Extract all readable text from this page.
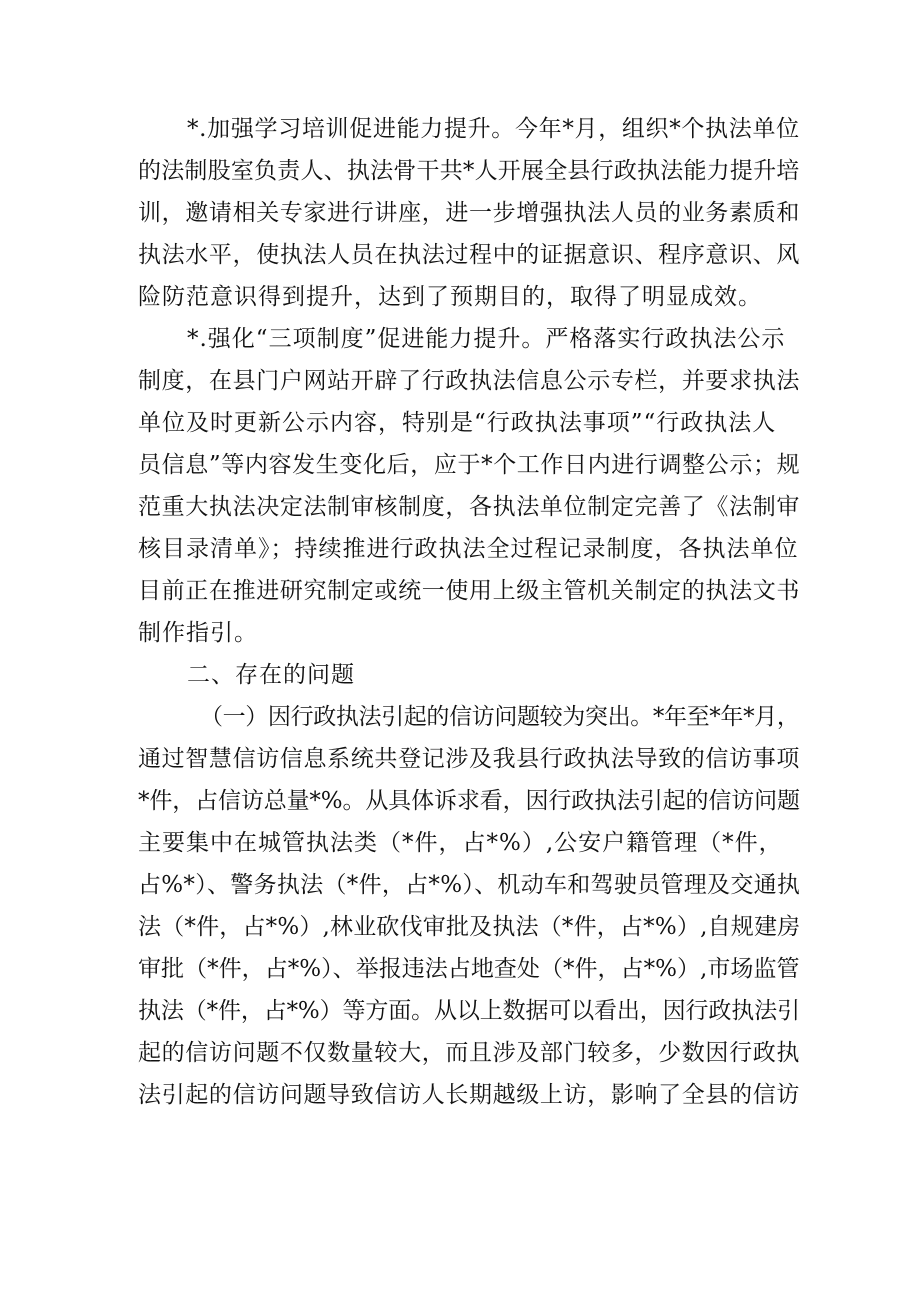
*.加强学习培训促进能力提升。今年*月，组织*个执法单位
的法制股室负责人、执法骨干共*人开展全县行政执法能力提升培
训，邀请相关专家进行讲座，进一步增强执法人员的业务素质和
执法水平，使执法人员在执法过程中的证据意识、程序意识、风
险防范意识得到提升，达到了预期目的，取得了明显成效。
*.强化“三项制度”促进能力提升。严格落实行政执法公示
制度，在县门户网站开辟了行政执法信息公示专栏，并要求执法
单位及时更新公示内容，特别是“行政执法事项”“行政执法人
员信息”等内容发生变化后，应于*个工作日内进行调整公示；规
范重大执法决定法制审核制度，各执法单位制定完善了《法制审
核目录清单》；持续推进行政执法全过程记录制度，各执法单位
目前正在推进研究制定或统一使用上级主管机关制定的执法文书
制作指引。
二、存在的问题
（一）因行政执法引起的信访问题较为突出。*年至*年*月，
通过智慧信访信息系统共登记涉及我县行政执法导致的信访事项
*件，占信访总量*%。从具体诉求看，因行政执法引起的信访问题
主要集中在城管执法类（*件，占*%）,公安户籍管理（*件，
占%*）、警务执法（*件，占*%）、机动车和驾驶员管理及交通执
法（*件，占*%）,林业砍伐审批及执法（*件，占*%）,自规建房
审批（*件，占*%）、举报违法占地查处（*件，占*%）,市场监管
执法（*件，占*%）等方面。从以上数据可以看出，因行政执法引
起的信访问题不仅数量较大，而且涉及部门较多，少数因行政执
法引起的信访问题导致信访人长期越级上访，影响了全县的信访
